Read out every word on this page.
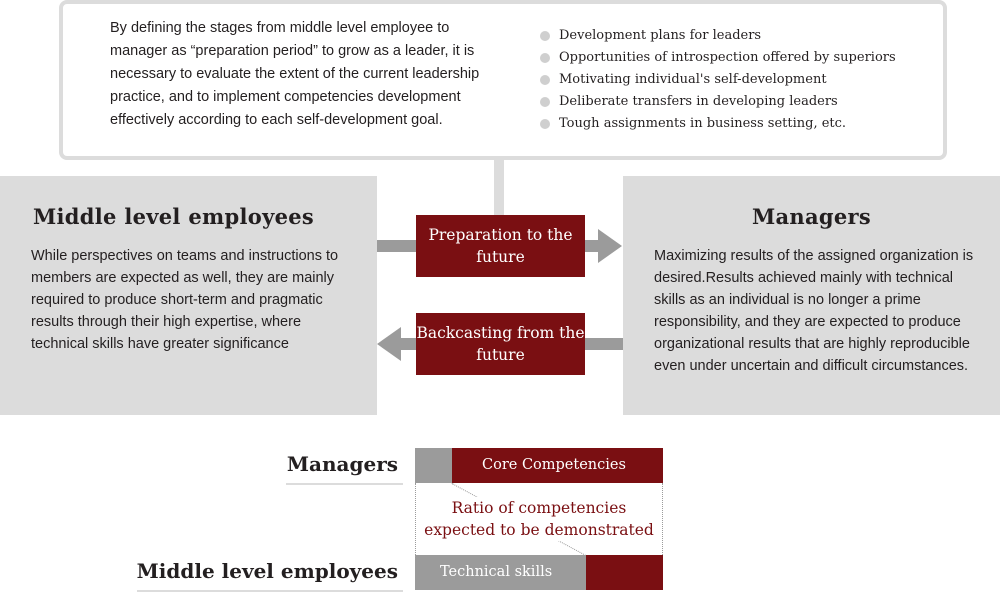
By defining the stages from middle level employee to manager as “preparation period” to grow as a leader, it is necessary to evaluate the extent of the current leadership practice, and to implement competencies development effectively according to each self-development goal.
Development plans for leaders
Opportunities of introspection offered by superiors
Motivating individual's self-development
Deliberate transfers in developing leaders
Tough assignments in business setting, etc.
Middle level employees
While perspectives on teams and instructions to members are expected as well, they are mainly required to produce short-term and pragmatic results through their high expertise, where technical skills have greater significance
Managers
Maximizing results of the assigned organization is desired.Results achieved mainly with technical skills as an individual is no longer a prime responsibility, and they are expected to produce organizational results that are highly reproducible even under uncertain and difficult circumstances.
Preparation to the future
Backcasting from the future
Managers	Core Competencies
Ratio of competencies expected to be demonstrated
Middle level employees	Technical skills
